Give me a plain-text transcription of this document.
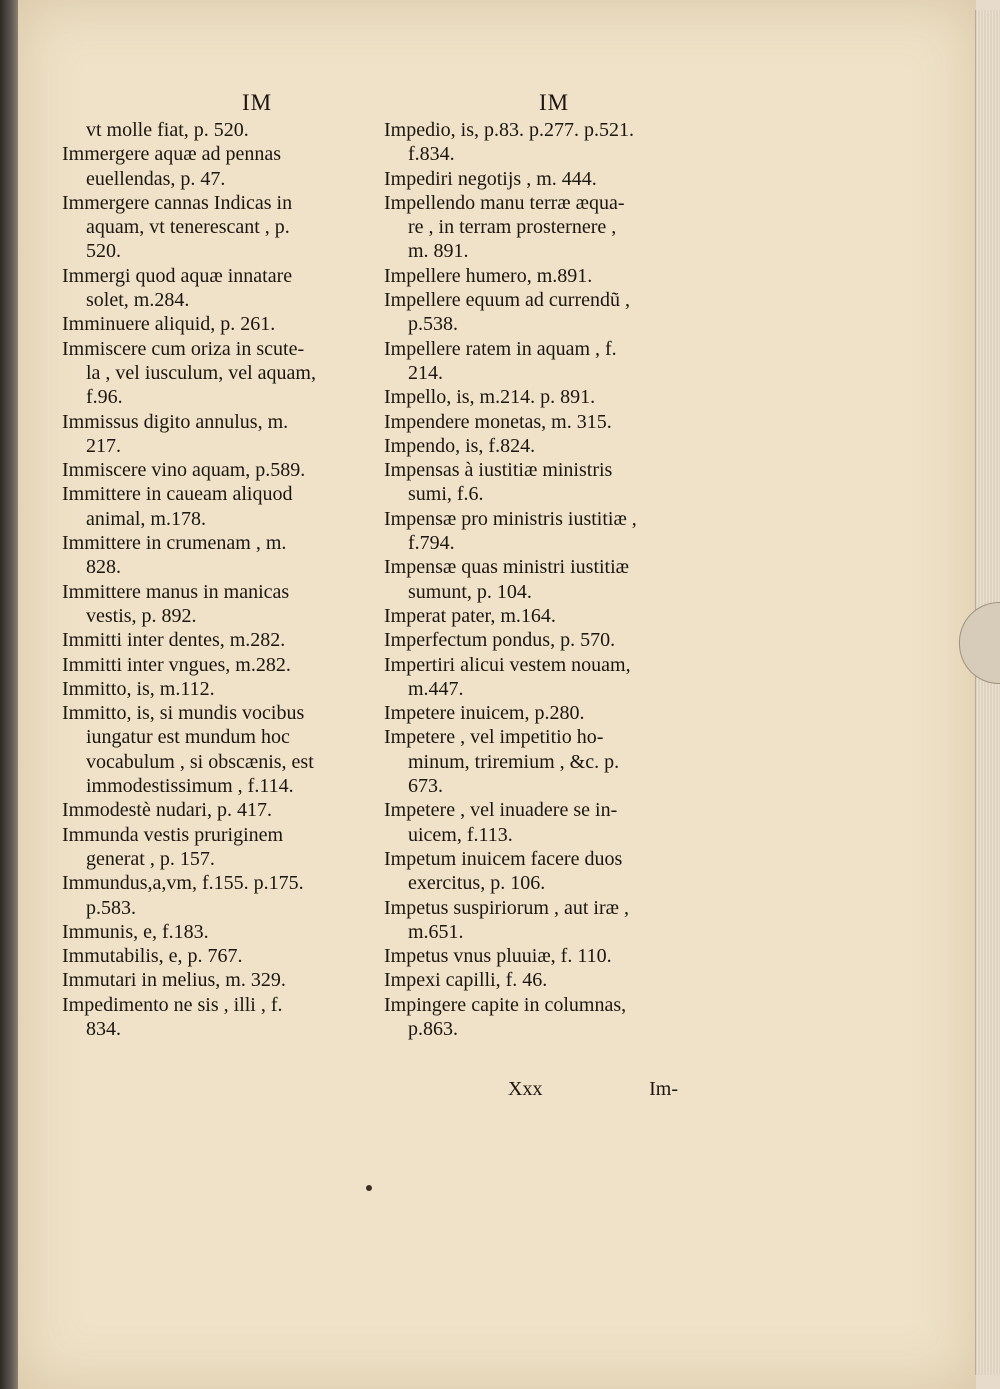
IM
vt molle fiat, p. 520.
Immergere aquæ ad pennas
euellendas, p. 47.
Immergere cannas Indicas in
aquam, vt tenerescant , p.
520.
Immergi quod aquæ innatare
solet, m.284.
Imminuere aliquid, p. 261.
Immiscere cum oriza in scute-
la , vel iusculum, vel aquam,
f.96.
Immissus digito annulus, m.
217.
Immiscere vino aquam, p.589.
Immittere in caueam aliquod
animal, m.178.
Immittere in crumenam , m.
828.
Immittere manus in manicas
vestis, p. 892.
Immitti inter dentes, m.282.
Immitti inter vngues, m.282.
Immitto, is, m.112.
Immitto, is, si mundis vocibus
iungatur est mundum hoc
vocabulum , si obscænis, est
immodestissimum , f.114.
Immodestè nudari, p. 417.
Immunda vestis pruriginem
generat , p. 157.
Immundus,a,vm, f.155. p.175.
p.583.
Immunis, e, f.183.
Immutabilis, e, p. 767.
Immutari in melius, m. 329.
Impedimento ne sis , illi , f.
834.
IM
Impedio, is, p.83. p.277. p.521.
f.834.
Impediri negotijs , m. 444.
Impellendo manu terræ æqua-
re , in terram prosternere ,
m. 891.
Impellere humero, m.891.
Impellere equum ad currendũ ,
p.538.
Impellere ratem in aquam , f.
214.
Impello, is, m.214. p. 891.
Impendere monetas, m. 315.
Impendo, is, f.824.
Impensas à iustitiæ ministris
sumi, f.6.
Impensæ pro ministris iustitiæ ,
f.794.
Impensæ quas ministri iustitiæ
sumunt, p. 104.
Imperat pater, m.164.
Imperfectum pondus, p. 570.
Impertiri alicui vestem nouam,
m.447.
Impetere inuicem, p.280.
Impetere , vel impetitio ho-
minum, triremium , &c. p.
673.
Impetere , vel inuadere se in-
uicem, f.113.
Impetum inuicem facere duos
exercitus, p. 106.
Impetus suspiriorum , aut iræ ,
m.651.
Impetus vnus pluuiæ, f. 110.
Impexi capilli, f. 46.
Impingere capite in columnas,
p.863.
Xxx	Im-
